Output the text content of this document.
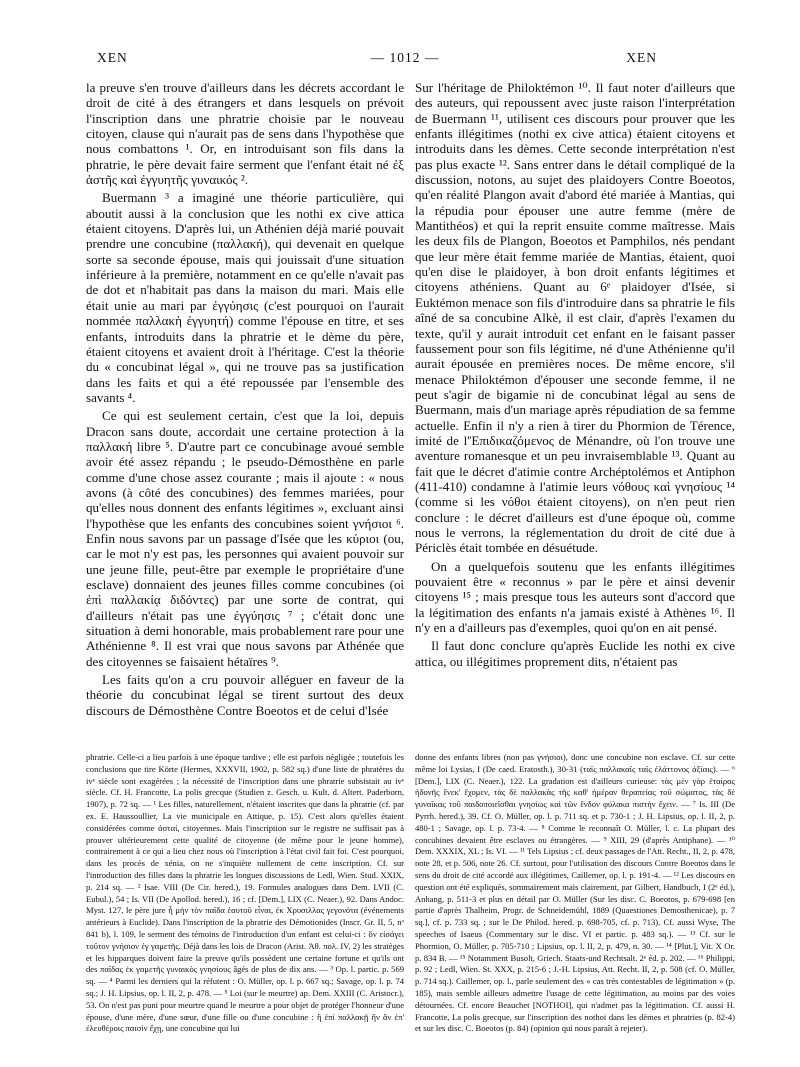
XEN	— 1012 —	XEN

la preuve s'en trouve d'ailleurs dans les décrets accordant le droit de cité à des étrangers et dans lesquels on prévoit l'inscription dans une phratrie choisie par le nouveau citoyen, clause qui n'aurait pas de sens dans l'hypothèse que nous combattons ¹. Or, en introduisant son fils dans la phratrie, le père devait faire serment que l'enfant était né ἐξ ἀστῆς καὶ ἐγγυητῆς γυναικός ².

Buermann ³ a imaginé une théorie particulière, qui aboutit aussi à la conclusion que les nothi ex cive attica étaient citoyens. D'après lui, un Athénien déjà marié pouvait prendre une concubine (παλλακή), qui devenait en quelque sorte sa seconde épouse, mais qui jouissait d'une situation inférieure à la première, notamment en ce qu'elle n'avait pas de dot et n'habitait pas dans la maison du mari. Mais elle était unie au mari par ἐγγύησις (c'est pourquoi on l'aurait nommée παλλακὴ ἐγγυητή) comme l'épouse en titre, et ses enfants, introduits dans la phratrie et le dème du père, étaient citoyens et avaient droit à l'héritage. C'est la théorie du « concubinat légal », qui ne trouve pas sa justification dans les faits et qui a été repoussée par l'ensemble des savants ⁴.

Ce qui est seulement certain, c'est que la loi, depuis Dracon sans doute, accordait une certaine protection à la παλλακή libre ⁵. D'autre part ce concubinage avoué semble avoir été assez répandu ; le pseudo-Démosthène en parle comme d'une chose assez courante ; mais il ajoute : « nous avons (à côté des concubines) des femmes mariées, pour qu'elles nous donnent des enfants légitimes », excluant ainsi l'hypothèse que les enfants des concubines soient γνήσιοι ⁶. Enfin nous savons par un passage d'Isée que les κύριοι (ou, car le mot n'y est pas, les personnes qui avaient pouvoir sur une jeune fille, peut-être par exemple le propriétaire d'une esclave) donnaient des jeunes filles comme concubines (οἱ ἐπὶ παλλακίᾳ διδόντες) par une sorte de contrat, qui d'ailleurs n'était pas une ἐγγύησις ⁷ ; c'était donc une situation à demi honorable, mais probablement rare pour une Athénienne ⁸. Il est vrai que nous savons par Athénée que des citoyennes se faisaient hétaïres ⁹.

Les faits qu'on a cru pouvoir alléguer en faveur de la théorie du concubinat légal se tirent surtout des deux discours de Démosthène Contre Boeotos et de celui d'Isée

Sur l'héritage de Philoktémon ¹⁰. Il faut noter d'ailleurs que des auteurs, qui repoussent avec juste raison l'interprétation de Buermann ¹¹, utilisent ces discours pour prouver que les enfants illégitimes (nothi ex cive attica) étaient citoyens et introduits dans les dèmes. Cette seconde interprétation n'est pas plus exacte ¹². Sans entrer dans le détail compliqué de la discussion, notons, au sujet des plaidoyers Contre Boeotos, qu'en réalité Plangon avait d'abord été mariée à Mantias, qui la répudia pour épouser une autre femme (mère de Mantithéos) et qui la reprit ensuite comme maîtresse. Mais les deux fils de Plangon, Boeotos et Pamphilos, nés pendant que leur mère était femme mariée de Mantias, étaient, quoi qu'en dise le plaidoyer, à bon droit enfants légitimes et citoyens athéniens. Quant au 6ᵉ plaidoyer d'Isée, si Euktémon menace son fils d'introduire dans sa phratrie le fils aîné de sa concubine Alkè, il est clair, d'après l'examen du texte, qu'il y aurait introduit cet enfant en le faisant passer faussement pour son fils légitime, né d'une Athénienne qu'il aurait épousée en premières noces. De même encore, s'il menace Philoktémon d'épouser une seconde femme, il ne peut s'agir de bigamie ni de concubinat légal au sens de Buermann, mais d'un mariage après répudiation de sa femme actuelle. Enfin il n'y a rien à tirer du Phormion de Térence, imité de l'Ἐπιδικαζόμενος de Ménandre, où l'on trouve une aventure romanesque et un peu invraisemblable ¹³. Quant au fait que le décret d'atimie contre Archéptolémos et Antiphon (411-410) condamne à l'atimie leurs νόθους καὶ γνησίους ¹⁴ (comme si les νόθοι étaient citoyens), on n'en peut rien conclure : le décret d'ailleurs est d'une époque où, comme nous le verrons, la réglementation du droit de cité due à Périclès était tombée en désuétude.

On a quelquefois soutenu que les enfants illégitimes pouvaient être « reconnus » par le père et ainsi devenir citoyens ¹⁵ ; mais presque tous les auteurs sont d'accord que la légitimation des enfants n'a jamais existé à Athènes ¹⁶. Il n'y en a d'ailleurs pas d'exemples, quoi qu'on en ait pensé.

Il faut donc conclure qu'après Euclide les nothi ex cive attica, ou illégitimes proprement dits, n'étaient pas

phratrie. Celle-ci a lieu parfois à une époque tardive ; elle est parfois négligée ; toutefois les conclusions que tire Körte (Hermes, XXXVII, 1902, p. 582 sq.) d'une liste de phratères du ivᵉ siècle sont exagérées ; la nécessité de l'inscription dans une phratrie subsistait au ivᵉ siècle. Cf. H. Francotte, La polis grecque (Studien z. Gesch. u. Kult. d. Altert. Paderborn, 1907), p. 72 sq. — ¹ Les filles, naturellement, n'étaient inscrites que dans la phratrie (cf. par ex. E. Haussoullier, La vie municipale en Attique, p. 15). C'est alors qu'elles étaient considérées comme ἀσταί, citoyennes. Mais l'inscription sur le registre ne suffisait pas à prouver ultérieurement cette qualité de citoyenne (de même pour le jeune homme), contrairement à ce qui a lieu chez nous où l'inscription à l'état civil fait foi. C'est pourquoi, dans les procès de xénia, on ne s'inquiète nullement de cette inscription. Cf. sur l'introduction des filles dans la phratrie les longues discussions de Ledl, Wien. Stud. XXIX, p. 214 sq. — ² Isae. VIII (De Cir. hered.), 19. Formules analogues dans Dem. LVII (C. Eubul.), 54 ; Is. VII (De Apollod. hered.), 16 ; cf. [Dem.], LIX (C. Neaer.), 92. Dans Andoc. Myst. 127, le père jure ἦ μὴν τὸν παῖδα ἑαυτοῦ εἶναι, ἐκ Χρυσιλλας γεγονότα (événements antérieurs à Euclide). Dans l'inscription de la phratrie des Démotionides (Inscr. Gr. II, 5, nᵒ 841 b), l. 109, le serment des témoins de l'introduction d'un enfant est celui-ci : ὃν εἰσάγει τοῦτον γνήσιον ἐγ γαμετῆς. Déjà dans les lois de Dracon (Arist. Ἀθ. πολ. IV, 2) les stratèges et les hipparques doivent faire la preuve qu'ils possèdent une certaine fortune et qu'ils ont des παῖδας ἐκ γαμετῆς γυναικὸς γνησίους âgés de plus de dix ans. — ³ Op. l. partic. p. 569 sq. — ⁴ Parmi les derniers qui la réfutent : O. Müller, op. l. p. 667 sq.; Savage, op. l. p. 74 sq.; J. H. Lipsius, op. l. II, 2, p. 478. — ⁵ Loi (sur le meurtre) ap. Dem. XXIII (C. Aristocr.), 53. On n'est pas puni pour meurtre quand le meurtre a pour objet de protéger l'honneur d'une épouse, d'une mère, d'une sœur, d'une fille ou d'une concubine : ἢ ἐπὶ παλλακῇ ἣν ἂν ἐπ' ἐλευθέροις παισὶν ἔχῃ, une concubine qui lui

donne des enfants libres (non pas γνήσιοι), donc une concubine non esclave. Cf. sur cette même loi Lysias, I (De caed. Eratosth.), 30-31 (ταῖς παλλακαῖς ταῖς ἐλάττονος ἀξίαις). — ⁶ [Dem.], LIX (C. Neaer.), 122. La gradation est d'ailleurs curieuse: τὰς μὲν γὰρ ἑταίρας ἡδονῆς ἕνεκ' ἔχομεν, τὰς δὲ παλλακὰς τῆς καθ' ἡμέραν θεραπείας τοῦ σώματος, τὰς δὲ γυναῖκας τοῦ παιδοποιεῖσθαι γνησίως καὶ τῶν ἔνδον φύλακα πιστὴν ἔχειν. — ⁷ Is. III (De Pyrrh. hered.), 39. Cf. O. Müller, op. l. p. 711 sq. et p. 730-1 ; J. H. Lipsius, op. l. II, 2, p. 480-1 ; Savage, op. l. p. 73-4. — ⁸ Comme le reconnaît O. Müller, l. c. La plupart des concubines devaient être esclaves ou étrangères. — ⁹ XIII, 29 (d'après Antiphane). — ¹⁰ Dem. XXXIX, XL ; Is. VI. — ¹¹ Tels Lipsius ; cf. deux passages de l'Att. Recht., II, 2, p. 478, note 28, et p. 506, note 26. Cf. surtout, pour l'utilisation des discours Contre Boeotos dans le sens du droit de cité accordé aux illégitimes, Caillemer, op. l. p. 191-4. — ¹² Les discours en question ont été expliqués, sommairement mais clairement, par Gilbert, Handbuch, I (2ᵉ éd.), Anhang, p. 511-3 et plus en détail par O. Müller (Sur les disc. C. Boeotos, p. 679-698 [en partie d'après Thalheim, Progr. de Schneidemühl, 1889 (Quaestiones Demosthenicae), p. 7 sq.], cf. p. 733 sq. ; sur le De Philod. hered. p. 698-705, cf. p. 713). Cf. aussi Wyse, The speeches of Isaeus (Commentary sur le disc. VI et partic. p. 483 sq.). — ¹³ Cf. sur le Phormion, O. Müller, p. 705-710 ; Lipsius, op. l. II, 2, p. 479, n. 30. — ¹⁴ [Plut.], Vit. X Or. p. 834 B. — ¹⁵ Notamment Busolt, Griech. Staats-und Rechtsalt. 2ᵉ éd. p. 202. — ¹⁶ Philippi, p. 92 ; Ledl, Wien. St. XXX, p. 215-6 ; J.-H. Lipsius, Att. Recht. II, 2, p. 508 (cf. O. Müller, p. 714 sq.). Caillemer, op. l., parle seulement des « cas très contestables de légitimation » (p. 185), mais semble ailleurs admettre l'usage de cette légitimation, au moins par des voies détournées. Cf. encore Beauchet [NOTHOI], qui n'admet pas la légitimation. Cf. aussi H. Francotte, La polis grecque, sur l'inscription des nothoi dans les dèmes et phratries (p. 82-4) et sur les disc. C. Boeotos (p. 84) (opinion qui nous paraît à rejeter).
